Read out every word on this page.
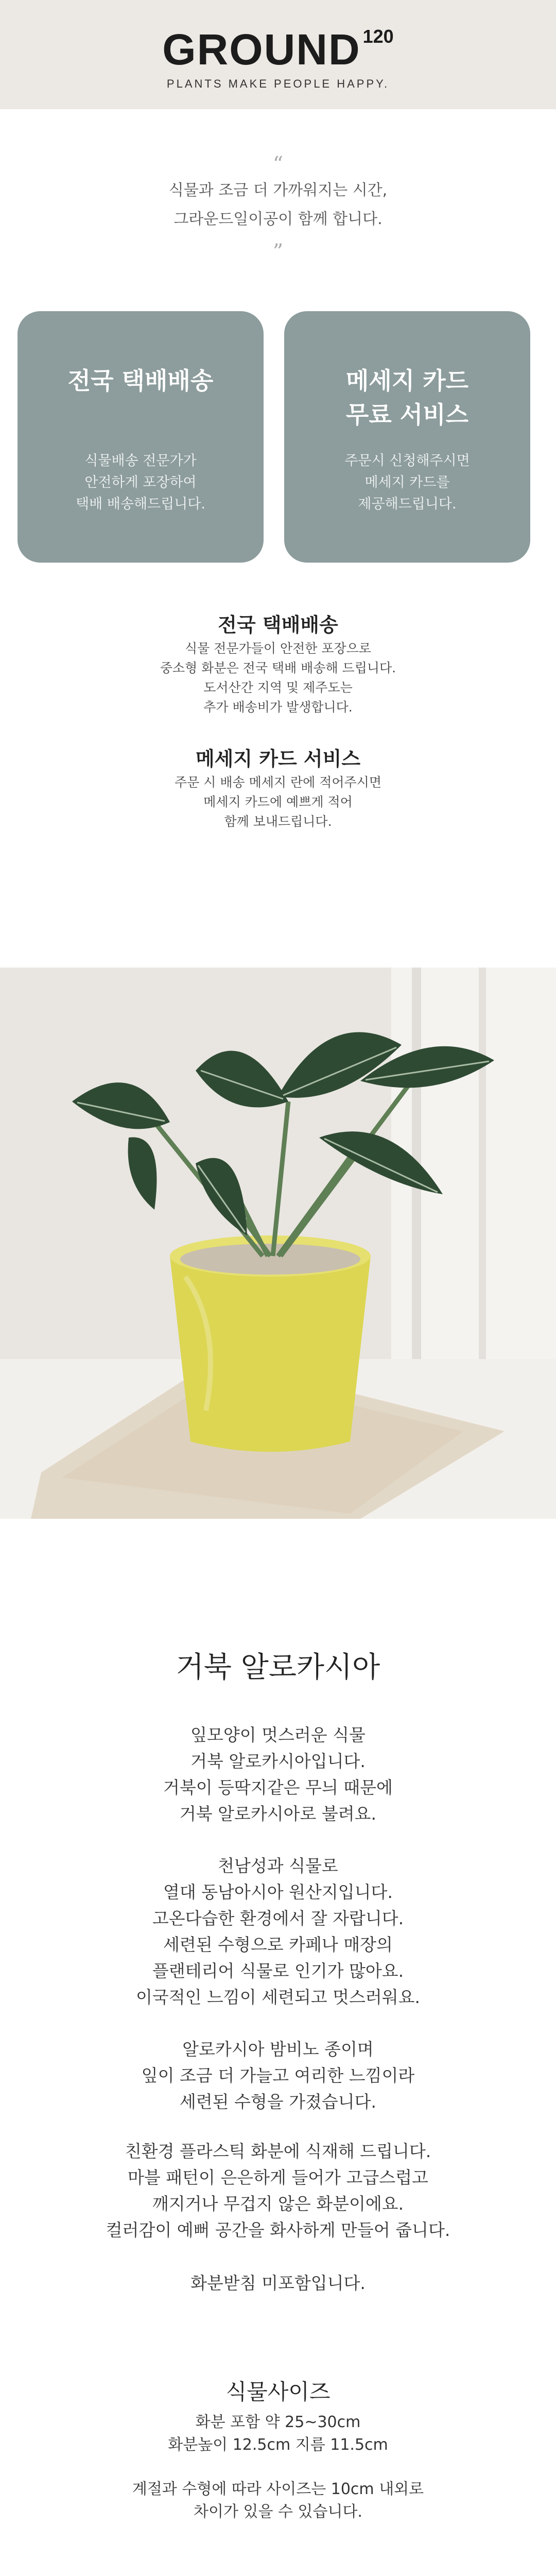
GROUND 120
PLANTS MAKE PEOPLE HAPPY.
“

식물과 조금 더 가까워지는 시간,

그라운드일이공이 함께 합니다.

”

전국 택배배송

식물배송 전문가가

안전하게 포장하여

택배 배송해드립니다.

메세지 카드

무료 서비스

주문시 신청해주시면

메세지 카드를

제공해드립니다.

전국 택배배송

식물 전문가들이 안전한 포장으로

중소형 화분은 전국 택배 배송해 드립니다.

도서산간 지역 및 제주도는

추가 배송비가 발생합니다.

메세지 카드 서비스

주문 시 배송 메세지 란에 적어주시면

메세지 카드에 예쁘게 적어

함께 보내드립니다.

거북 알로카시아

잎모양이 멋스러운 식물

거북 알로카시아입니다.

거북이 등딱지같은 무늬 때문에

거북 알로카시아로 불려요.

천남성과 식물로

열대 동남아시아 원산지입니다.

고온다습한 환경에서 잘 자랍니다.

세련된 수형으로 카페나 매장의

플랜테리어 식물로 인기가 많아요.

이국적인 느낌이 세련되고 멋스러워요.

알로카시아 밤비노 종이며

잎이 조금 더 가늘고 여리한 느낌이라

세련된 수형을 가졌습니다.

친환경 플라스틱 화분에 식재해 드립니다.

마블 패턴이 은은하게 들어가 고급스럽고

깨지거나 무겁지 않은 화분이에요.

컬러감이 예뻐 공간을 화사하게 만들어 줍니다.

화분받침 미포함입니다.

식물사이즈

화분 포함 약 25~30cm

화분높이 12.5cm 지름 11.5cm

계절과 수형에 따라 사이즈는 10cm 내외로

차이가 있을 수 있습니다.
